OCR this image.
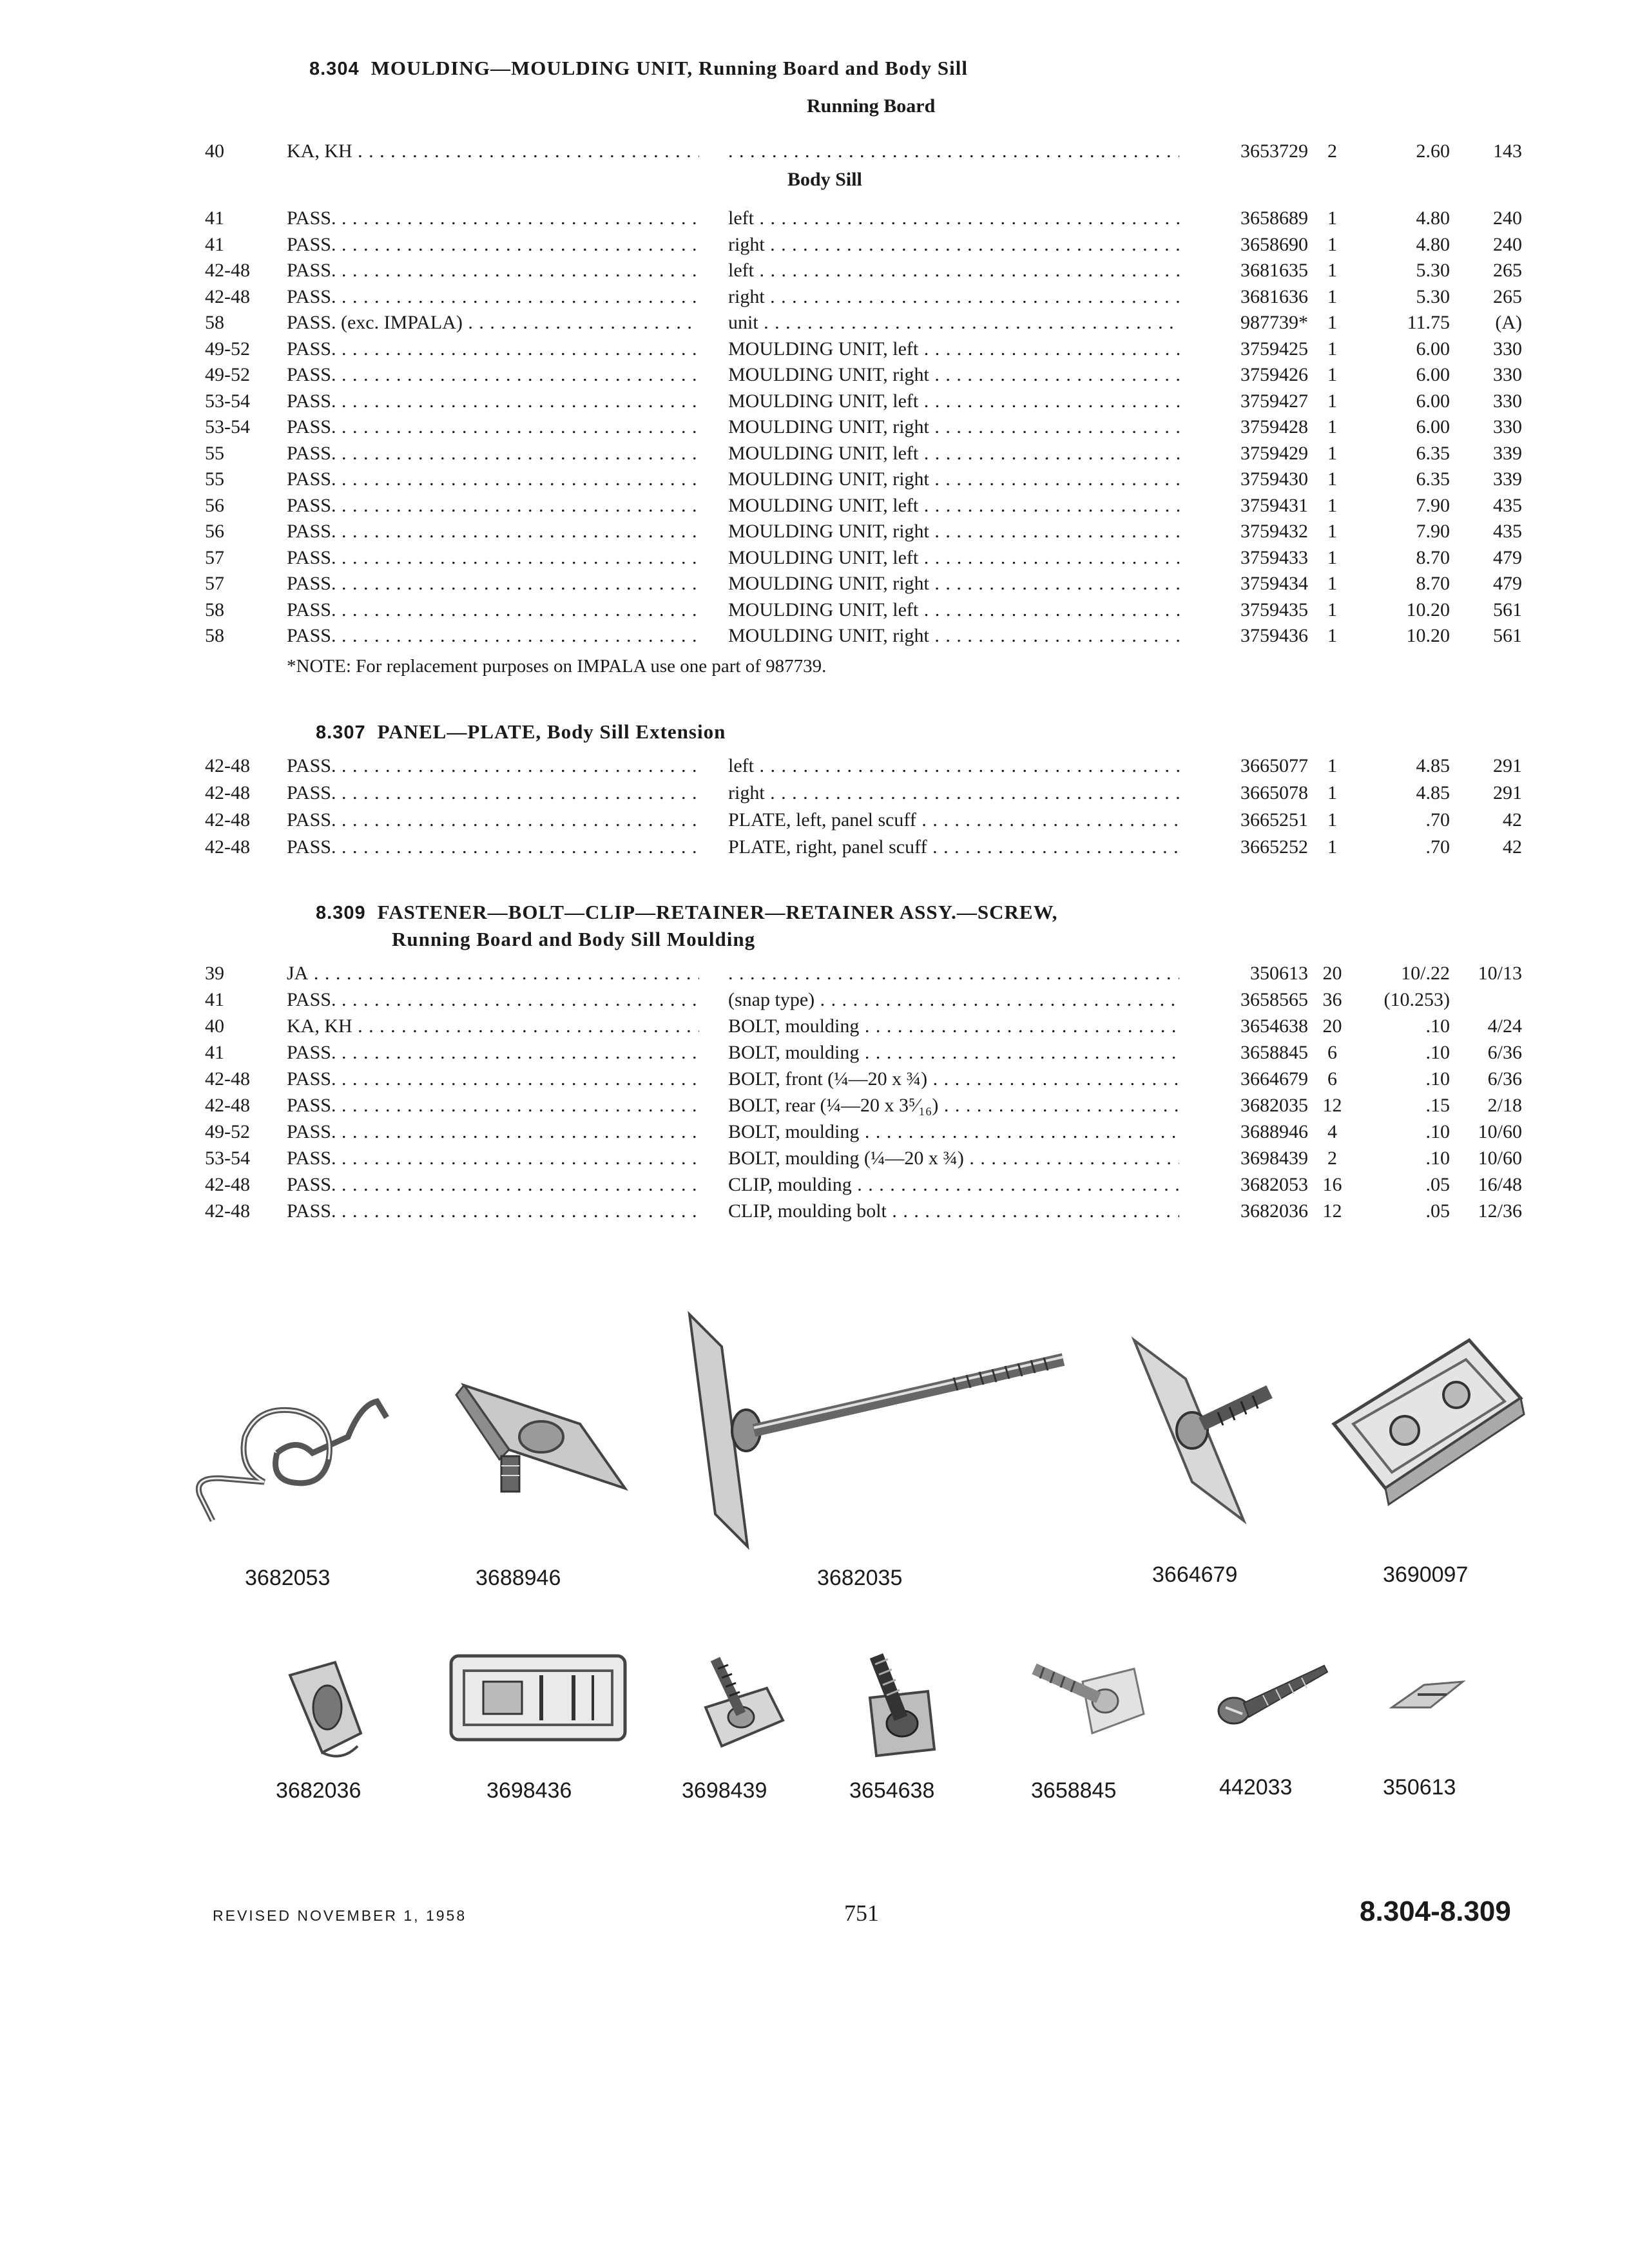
8.304 MOULDING—MOULDING UNIT, Running Board and Body Sill
Running Board
Body Sill
40	KA, KH . . . . . .	3653729	2	2.60	143
41	PASS. . . .	left . . .	3658689	1	4.80	240
41	PASS. . . .	right . . .	3658690	1	4.80	240
42-48	PASS. . . .	left . . .	3681635	1	5.30	265
42-48	PASS. . . .	right . . .	3681636	1	5.30	265
58	PASS. (exc. IMPALA) . . .	unit . . .	987739*	1	11.75	(A)
49-52	PASS. . . .	MOULDING UNIT, left . . .	3759425	1	6.00	330
49-52	PASS. . . .	MOULDING UNIT, right . . .	3759426	1	6.00	330
53-54	PASS. . . .	MOULDING UNIT, left . . .	3759427	1	6.00	330
53-54	PASS. . . .	MOULDING UNIT, right . . .	3759428	1	6.00	330
55	PASS. . . .	MOULDING UNIT, left . . .	3759429	1	6.35	339
55	PASS. . . .	MOULDING UNIT, right . . .	3759430	1	6.35	339
56	PASS. . . .	MOULDING UNIT, left . . .	3759431	1	7.90	435
56	PASS. . . .	MOULDING UNIT, right . . .	3759432	1	7.90	435
57	PASS. . . .	MOULDING UNIT, left . . .	3759433	1	8.70	479
57	PASS. . . .	MOULDING UNIT, right . . .	3759434	1	8.70	479
58	PASS. . . .	MOULDING UNIT, left . . .	3759435	1	10.20	561
58	PASS. . . .	MOULDING UNIT, right . . .	3759436	1	10.20	561
*NOTE: For replacement purposes on IMPALA use one part of 987739.
8.307 PANEL—PLATE, Body Sill Extension
42-48	PASS. . . .	left . . .	3665077	1	4.85	291
42-48	PASS. . . .	right . . .	3665078	1	4.85	291
42-48	PASS. . . .	PLATE, left, panel scuff . . .	3665251	1	.70	42
42-48	PASS. . . .	PLATE, right, panel scuff . . .	3665252	1	.70	42
8.309 FASTENER—BOLT—CLIP—RETAINER—RETAINER ASSY.—SCREW,
Running Board and Body Sill Moulding
39	JA . . . . . .	350613 20	10/.22	10/13
41	PASS. . . .	(snap type) . . .	3658565 36	(10.253)
40	KA, KH . . .	BOLT, moulding . . .	3654638 20	.10	4/24
41	PASS. . . .	BOLT, moulding . . .	3658845	6	.10	6/36
42-48	PASS. . . .	BOLT, front (¼—20 x ¾) . . .	3664679	6	.10	6/36
42-48	PASS. . . .	BOLT, rear (¼—20 x 3⁵⁄₁₆) . . .	3682035 12	.15	2/18
49-52	PASS. . . .	BOLT, moulding . . .	3688946	4	.10	10/60
53-54	PASS. . . .	BOLT, moulding (¼—20 x ¾) . . .	3698439	2	.10	10/60
42-48	PASS. . . .	CLIP, moulding . . .	3682053 16	.05	16/48
42-48	PASS. . . .	CLIP, moulding bolt . . .	3682036 12	.05	12/36
3682053	3688946	3682035	3664679	3690097
3682036	3698436	3698439	3654638	3658845	442033	350613
REVISED NOVEMBER 1, 1958	751	8.304-8.309
